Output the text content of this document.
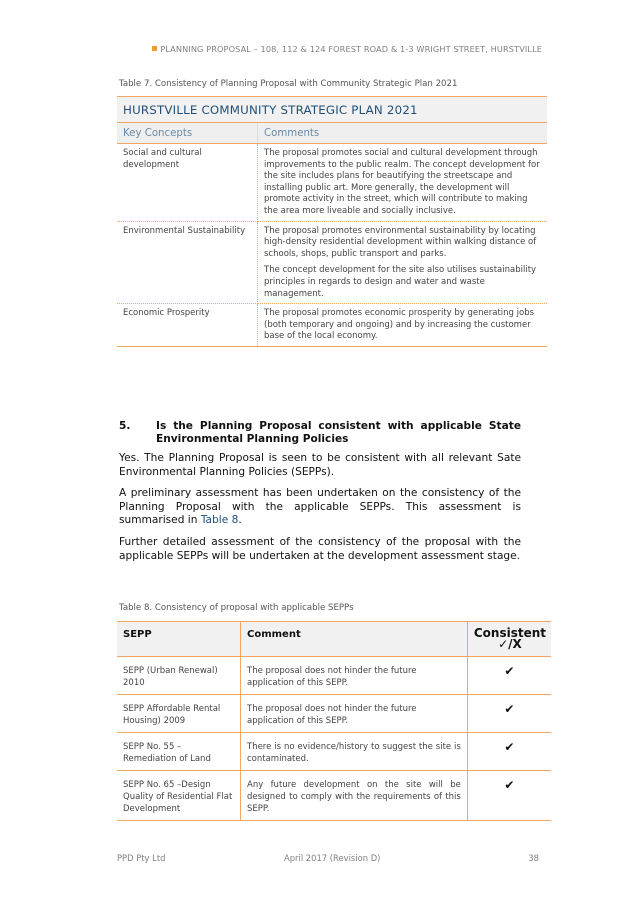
PLANNING PROPOSAL – 108, 112 & 124 FOREST ROAD & 1-3 WRIGHT STREET, HURSTVILLE
Table 7. Consistency of Planning Proposal with Community Strategic Plan 2021
HURSTVILLE COMMUNITY STRATEGIC PLAN 2021	
Key Concepts	Comments
Social and cultural development	The proposal promotes social and cultural development through improvements to the public realm. The concept development for the site includes plans for beautifying the streetscape and installing public art. More generally, the development will promote activity in the street, which will contribute to making the area more liveable and socially inclusive.

Environmental Sustainability	The proposal promotes environmental sustainability by locating high-density residential development within walking distance of schools, shops, public transport and parks.

The concept development for the site also utilises sustainability principles in regards to design and water and waste management.

Economic Prosperity	The proposal promotes economic prosperity by generating jobs (both temporary and ongoing) and by increasing the customer base of the local economy.

5. Is the Planning Proposal consistent with applicable State Environmental Planning Policies

Yes. The Planning Proposal is seen to be consistent with all relevant Sate Environmental Planning Policies (SEPPs).

A preliminary assessment has been undertaken on the consistency of the Planning Proposal with the applicable SEPPs. This assessment is summarised in Table 8.

Further detailed assessment of the consistency of the proposal with the applicable SEPPs will be undertaken at the development assessment stage.

Table 8. Consistency of proposal with applicable SEPPs
SEPP	Comment	Consistent
✓/X
SEPP (Urban Renewal) 2010	The proposal does not hinder the future application of this SEPP.	✔
SEPP Affordable Rental Housing) 2009	The proposal does not hinder the future application of this SEPP.	✔
SEPP No. 55 – Remediation of Land	There is no evidence/history to suggest the site is contaminated.	✔
SEPP No. 65 –Design Quality of Residential Flat Development	Any future development on the site will be designed to comply with the requirements of this SEPP.	✔
PPD Pty Ltd	April 2017 (Revision D)	38
